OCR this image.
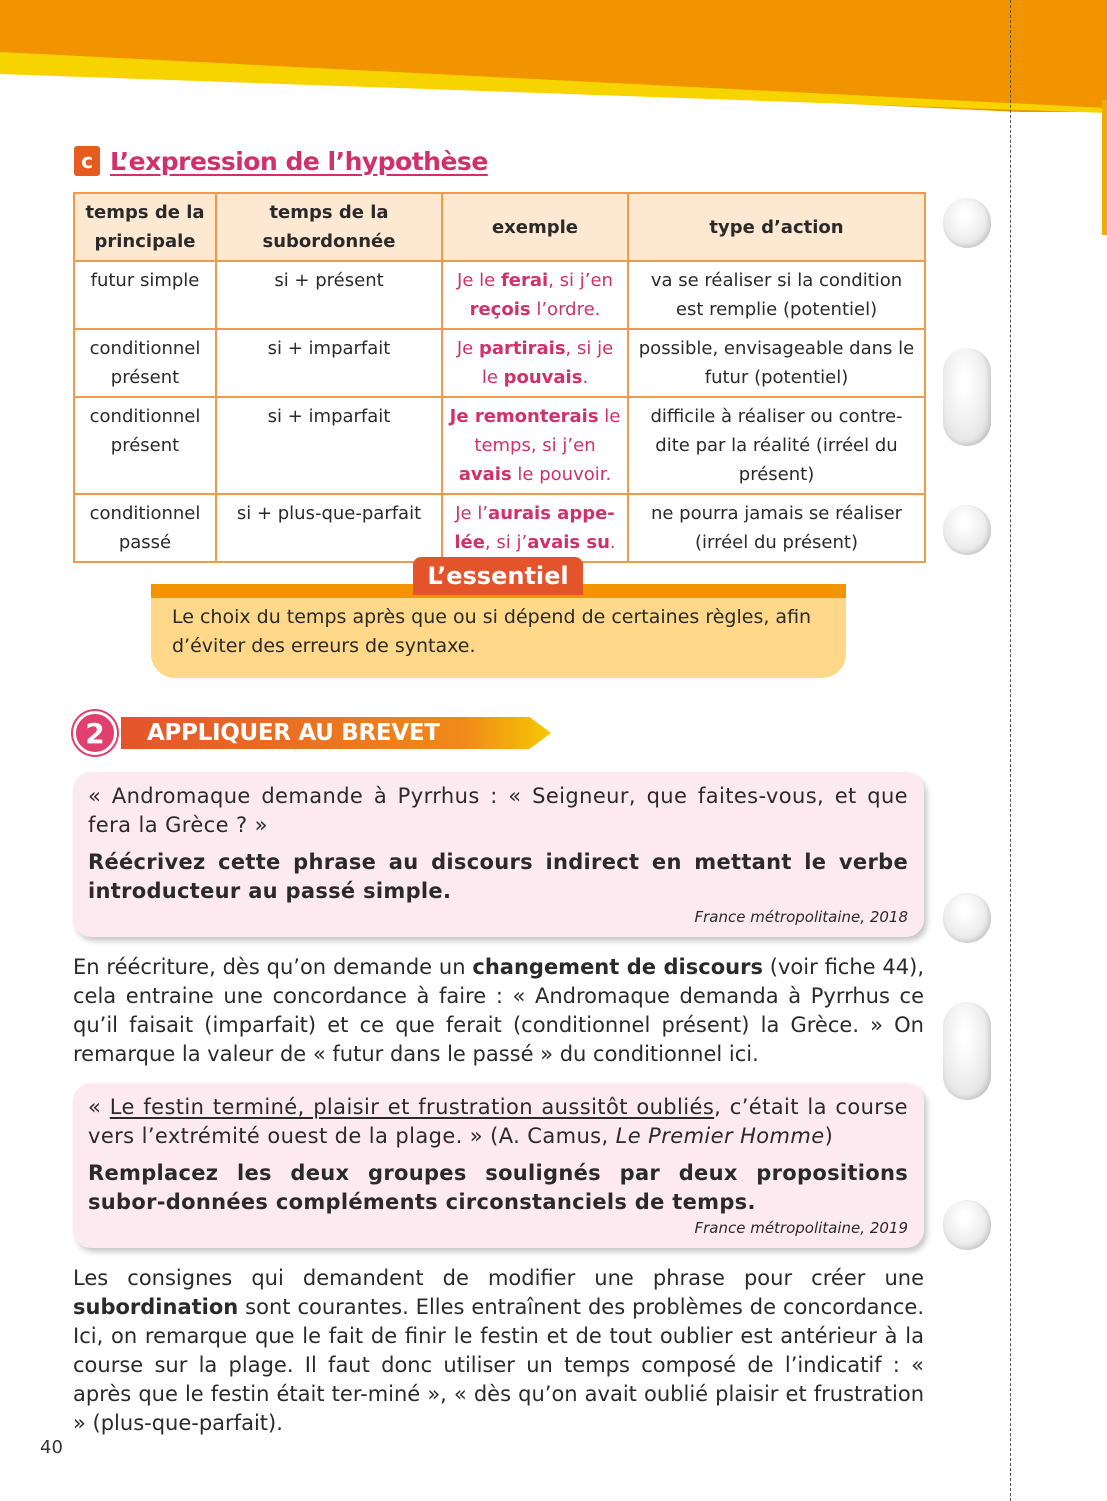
c L’expression de l’hypothèse
temps de la principale	temps de la subordonnée	exemple	type d’action
futur simple	si + présent	Je le ferai, si j’en reçois l’ordre.	va se réaliser si la condition est remplie (potentiel)
conditionnel présent	si + imparfait	Je partirais, si je le pouvais.	possible, envisageable dans le futur (potentiel)
conditionnel présent	si + imparfait	Je remonterais le temps, si j’en avais le pouvoir.	difficile à réaliser ou contre-dite par la réalité (irréel du présent)
conditionnel passé	si + plus-que-parfait	Je l’aurais appe-lée, si j’avais su.	ne pourra jamais se réaliser (irréel du présent)
L’essentiel
Le choix du temps après que ou si dépend de certaines règles, afin d’éviter des erreurs de syntaxe.
2	APPLIQUER AU BREVET

« Andromaque demande à Pyrrhus : « Seigneur, que faites-vous, et que fera la Grèce ? »

Réécrivez cette phrase au discours indirect en mettant le verbe introducteur au passé simple.

France métropolitaine, 2018

En réécriture, dès qu’on demande un changement de discours (voir fiche 44), cela entraine une concordance à faire : « Andromaque demanda à Pyrrhus ce qu’il faisait (imparfait) et ce que ferait (conditionnel présent) la Grèce. » On remarque la valeur de « futur dans le passé » du conditionnel ici.

« Le festin terminé, plaisir et frustration aussitôt oubliés, c’était la course vers l’extrémité ouest de la plage. » (A. Camus, Le Premier Homme)

Remplacez les deux groupes soulignés par deux propositions subor-données compléments circonstanciels de temps.

France métropolitaine, 2019

Les consignes qui demandent de modifier une phrase pour créer une subordination sont courantes. Elles entraînent des problèmes de concordance. Ici, on remarque que le fait de finir le festin et de tout oublier est antérieur à la course sur la plage. Il faut donc utiliser un temps composé de l’indicatif : « après que le festin était ter-miné », « dès qu’on avait oublié plaisir et frustration » (plus-que-parfait).
40
